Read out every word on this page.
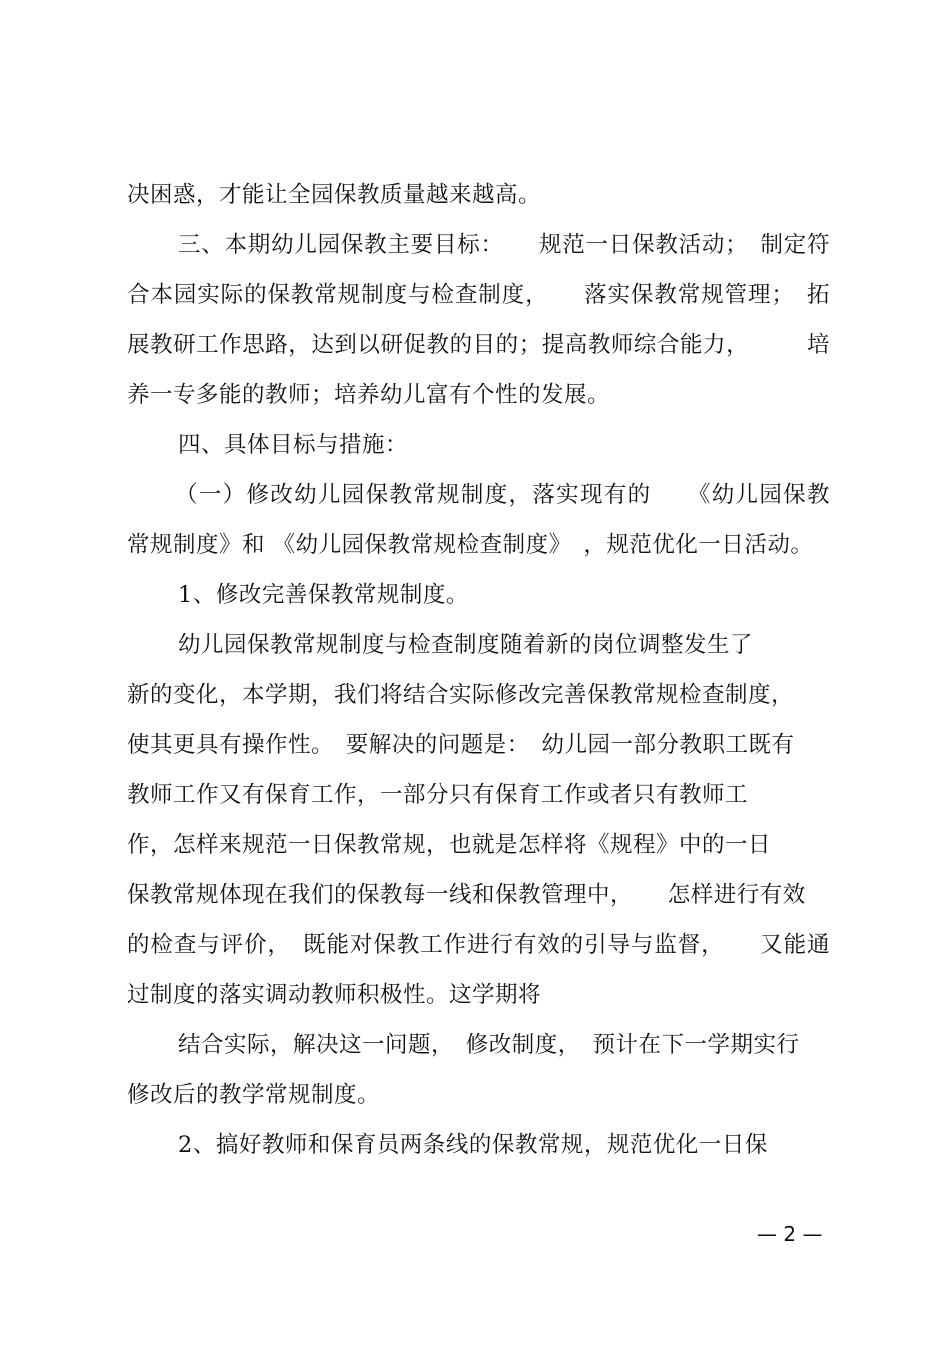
决困惑，才能让全园保教质量越来越高。
三、本期幼儿园保教主要目标：　　规范一日保教活动；　制定符
合本园实际的保教常规制度与检查制度，　　落实保教常规管理；　拓
展教研工作思路，达到以研促教的目的；提高教师综合能力，　　　培
养一专多能的教师；培养幼儿富有个性的发展。
四、具体目标与措施：
（一）修改幼儿园保教常规制度，落实现有的　　《幼儿园保教
常规制度》和 《幼儿园保教常规检查制度》　，规范优化一日活动。
1、修改完善保教常规制度。
幼儿园保教常规制度与检查制度随着新的岗位调整发生了
新的变化，本学期，我们将结合实际修改完善保教常规检查制度，
使其更具有操作性。　要解决的问题是：　幼儿园一部分教职工既有
教师工作又有保育工作，一部分只有保育工作或者只有教师工
作，怎样来规范一日保教常规，也就是怎样将《规程》中的一日
保教常规体现在我们的保教每一线和保教管理中，　　怎样进行有效
的检查与评价，　既能对保教工作进行有效的引导与监督，　　又能通
过制度的落实调动教师积极性。这学期将
结合实际，解决这一问题，　修改制度，　预计在下一学期实行
修改后的教学常规制度。
2、搞好教师和保育员两条线的保教常规，规范优化一日保
— 2 —
